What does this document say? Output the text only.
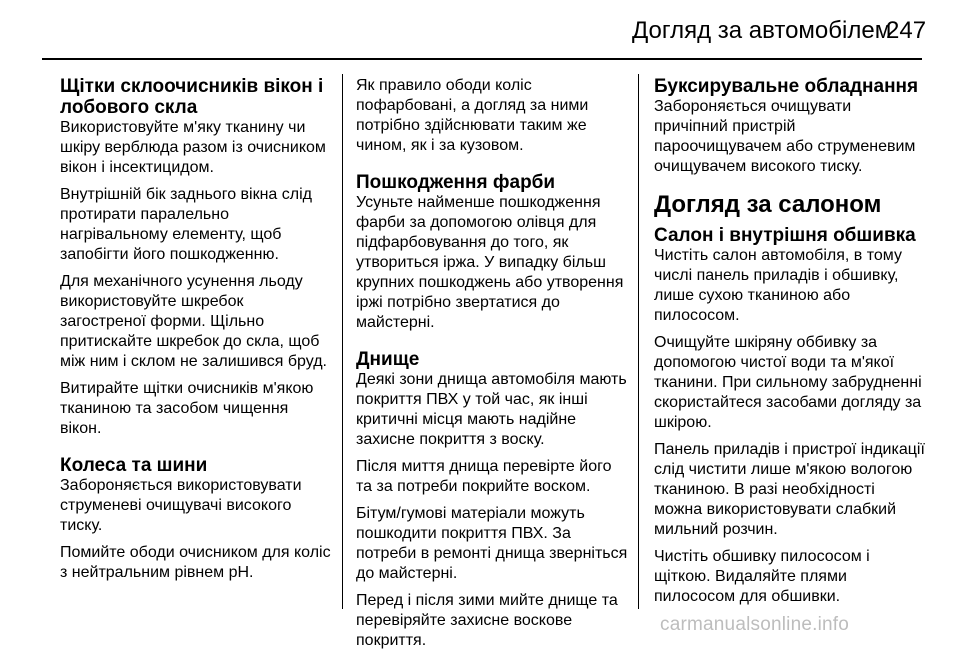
Догляд за автомобілем
247
Щітки склоочисників вікон і лобового скла

Використовуйте м'яку тканину чи шкіру верблюда разом із очисником вікон і інсектицидом.

Внутрішній бік заднього вікна слід протирати паралельно нагрівальному елементу, щоб запобігти його пошкодженню.

Для механічного усунення льоду використовуйте шкребок загостреної форми. Щільно притискайте шкребок до скла, щоб між ним і склом не залишився бруд.

Витирайте щітки очисників м'якою тканиною та засобом чищення вікон.

Колеса та шини

Забороняється використовувати струменеві очищувачі високого тиску.

Помийте ободи очисником для коліс з нейтральним рівнем pH.

Як правило ободи коліс пофарбовані, а догляд за ними потрібно здійснювати таким же чином, як і за кузовом.

Пошкодження фарби

Усуньте найменше пошкодження фарби за допомогою олівця для підфарбовування до того, як утвориться іржа. У випадку більш крупних пошкоджень або утворення іржі потрібно звертатися до майстерні.

Днище

Деякі зони днища автомобіля мають покриття ПВХ у той час, як інші критичні місця мають надійне захисне покриття з воску.

Після миття днища перевірте його та за потреби покрийте воском.

Бітум/гумові матеріали можуть пошкодити покриття ПВХ. За потреби в ремонті днища зверніться до майстерні.

Перед і після зими мийте днище та перевіряйте захисне воскове покриття.

Буксирувальне обладнання

Забороняється очищувати причіпний пристрій пароочищувачем або струменевим очищувачем високого тиску.

Догляд за салоном
Салон і внутрішня обшивка

Чистіть салон автомобіля, в тому числі панель приладів і обшивку, лише сухою тканиною або пилососом.

Очищуйте шкіряну оббивку за допомогою чистої води та м'якої тканини. При сильному забрудненні скористайтеся засобами догляду за шкірою.

Панель приладів і пристрої індикації слід чистити лише м'якою вологою тканиною. В разі необхідності можна використовувати слабкий мильний розчин.

Чистіть обшивку пилососом і щіткою. Видаляйте плями пилососом для обшивки.

carmanualsonline.info
